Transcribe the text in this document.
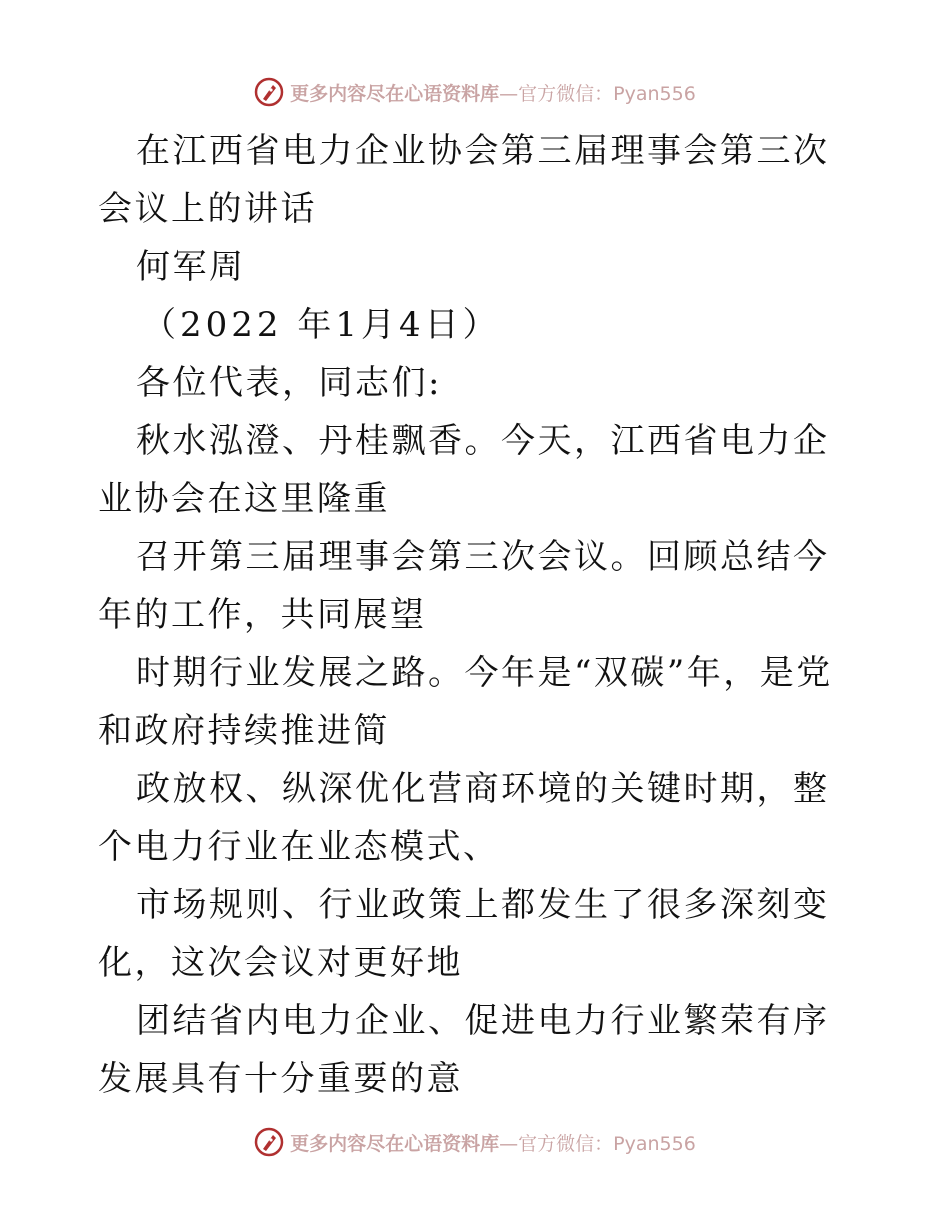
更多内容尽在心语资料库 —官方微信：Pyan556

在江西省电力企业协会第三届理事会第三次会议上的讲话

何军周

（2022 年1月4日）

各位代表，同志们:

秋水泓澄、丹桂飘香。今天，江西省电力企业协会在这里隆重

召开第三届理事会第三次会议。回顾总结今年的工作，共同展望

时期行业发展之路。今年是“双碳”年，是党和政府持续推进简

政放权、纵深优化营商环境的关键时期，整个电力行业在业态模式、

市场规则、行业政策上都发生了很多深刻变化，这次会议对更好地

团结省内电力企业、促进电力行业繁荣有序发展具有十分重要的意

更多内容尽在心语资料库 —官方微信：Pyan556
